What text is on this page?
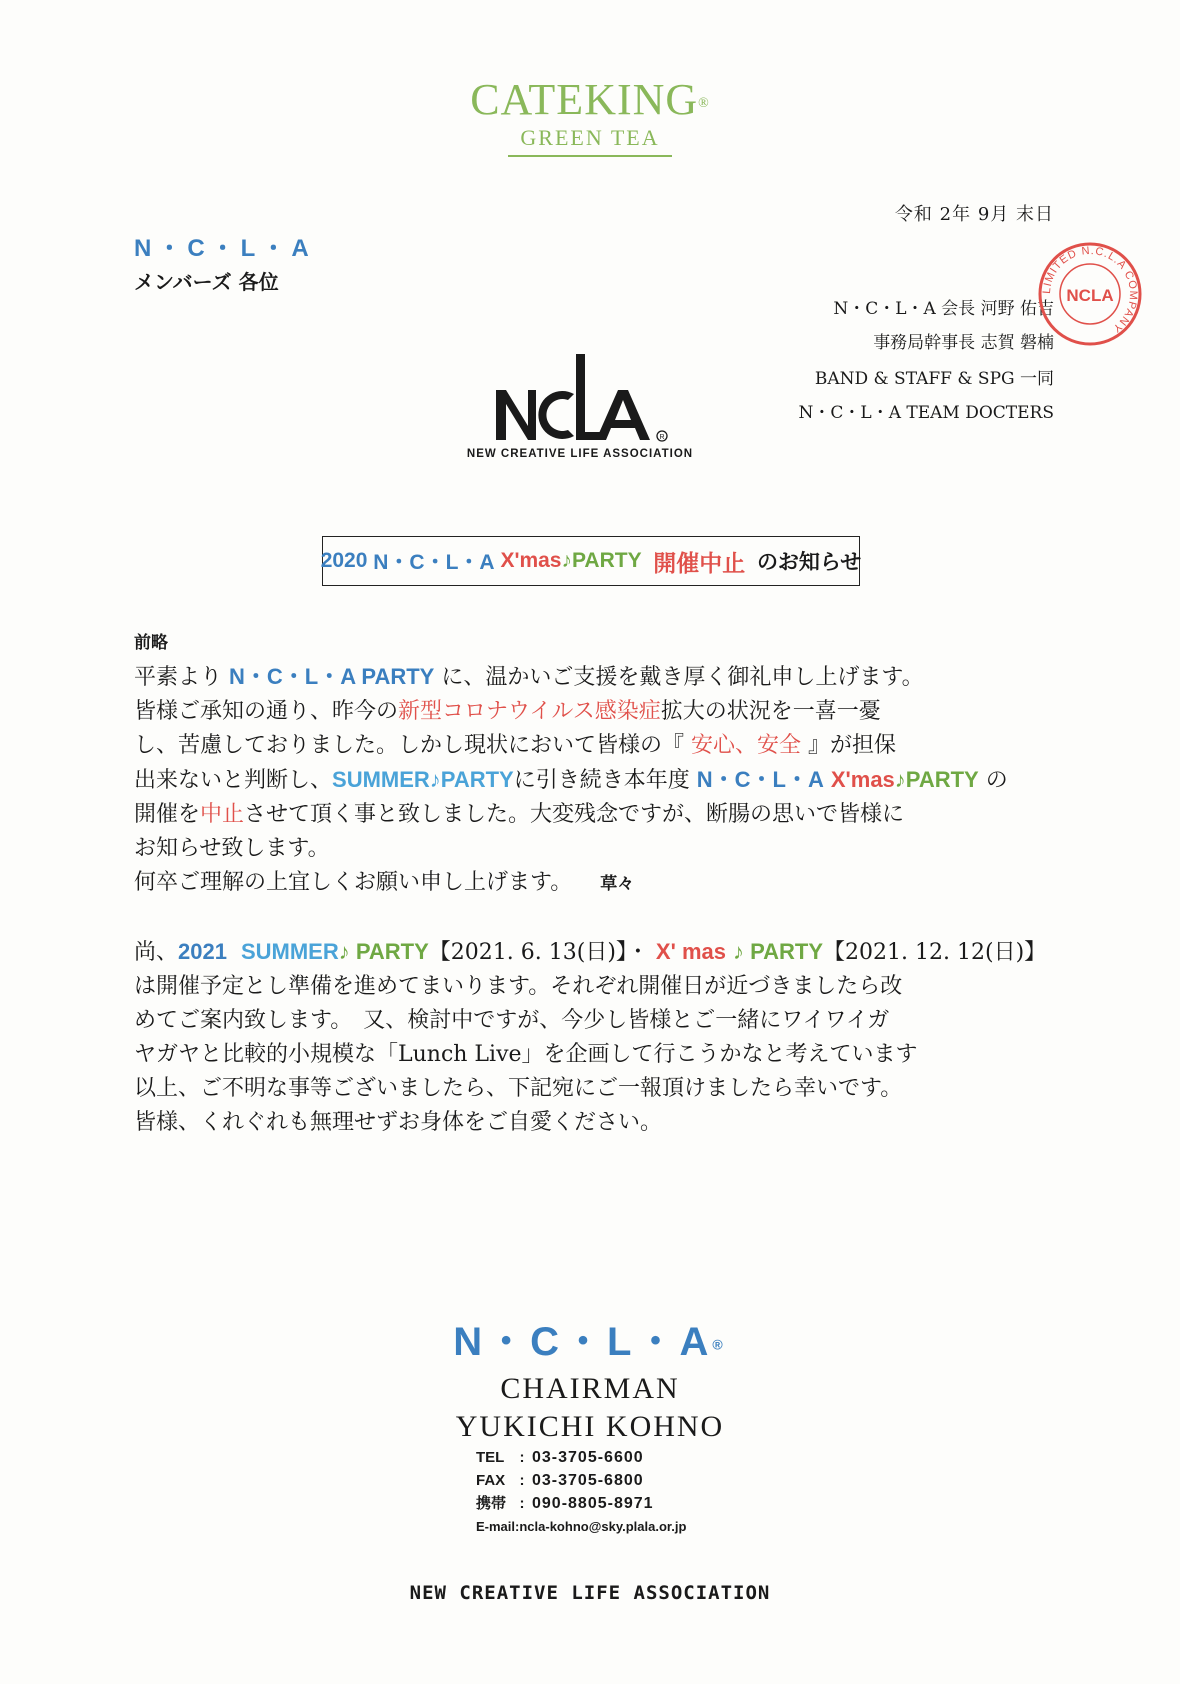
CATEKING®
GREEN TEA
令和 2年 9月 末日
N・C・L・A
メンバーズ 各位
N・C・L・A 会長 河野 佑吉
事務局幹事長 志賀 磐楠
BAND & STAFF & SPG 一同
N・C・L・A TEAM DOCTERS
LIMITED N.C.L.A COMPANY
NCLA
R
NEW CREATIVE LIFE ASSOCIATION
2020
N・C・L・A
X'mas ♪ PARTY
開催中止
のお知らせ

前略

平素より N・C・L・A PARTY に、温かいご支援を戴き厚く御礼申し上げます。

皆様ご承知の通り、昨今の新型コロナウイルス感染症拡大の状況を一喜一憂

し、苦慮しておりました。しかし現状において皆様の『 安心、安全 』が担保

出来ないと判断し、SUMMER♪PARTYに引き続き本年度 N・C・L・A X'mas♪PARTY の

開催を中止させて頂く事と致しました。大変残念ですが、断腸の思いで皆様に

お知らせ致します。

何卒ご理解の上宜しくお願い申し上げます。 草々

尚、2021 SUMMER♪ PARTY【2021. 6. 13(日)】・ X' mas ♪ PARTY【2021. 12. 12(日)】

は開催予定とし準備を進めてまいります。それぞれ開催日が近づきましたら改

めてご案内致します。　又、検討中ですが、今少し皆様とご一緒にワイワイガ

ヤガヤと比較的小規模な「Lunch Live」を企画して行こうかなと考えています

以上、ご不明な事等ございましたら、下記宛にご一報頂けましたら幸いです。

皆様、くれぐれも無理せずお身体をご自愛ください。

N・C・L・A®
CHAIRMAN
YUKICHI KOHNO
TEL : 03-3705-6600
FAX : 03-3705-6800
携帯 : 090-8805-8971
E-mail:ncla-kohno@sky.plala.or.jp
NEW CREATIVE LIFE ASSOCIATION
